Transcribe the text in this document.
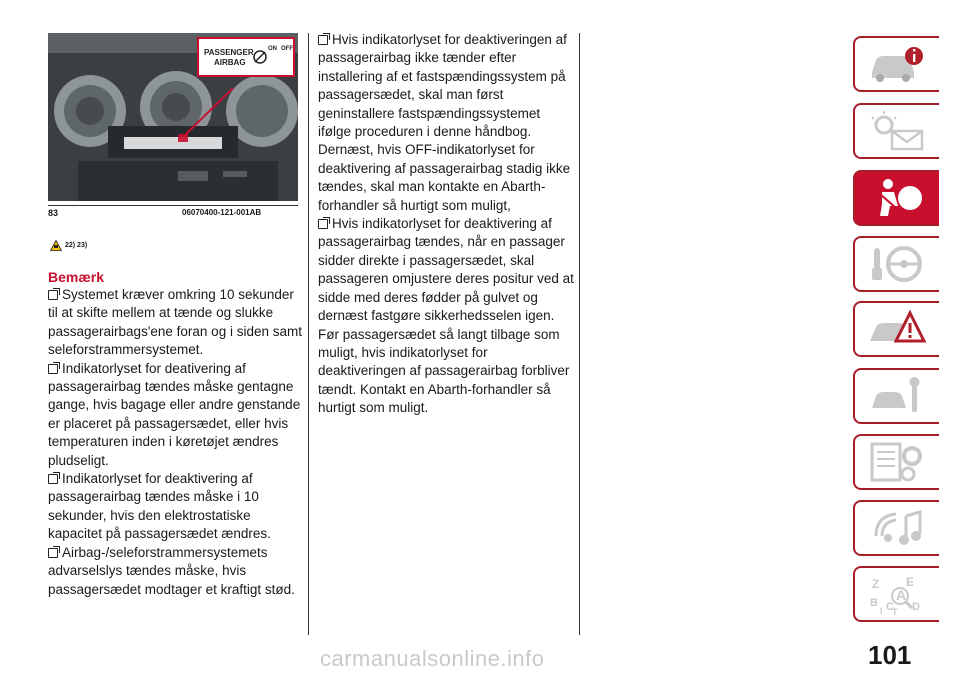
PASSENGER
AIRBAG
ON OFF
83	06070400-121-001AB
22) 23)
Bemærk

Systemet kræver omkring 10 sekunder til at skifte mellem at tænde og slukke passagerairbags'ene foran og i siden samt seleforstrammersystemet.

Indikatorlyset for deativering af passagerairbag tændes måske gentagne gange, hvis bagage eller andre genstande er placeret på passagersædet, eller hvis temperaturen inden i køretøjet ændres pludseligt.

Indikatorlyset for deaktivering af passagerairbag tændes måske i 10 sekunder, hvis den elektrostatiske kapacitet på passagersædet ændres.

Airbag-/seleforstrammersystemets advarselslys tændes måske, hvis passagersædet modtager et kraftigt stød.

Hvis indikatorlyset for deaktiveringen af passagerairbag ikke tænder efter installering af et fastspændingssystem på passagersædet, skal man først geninstallere fastspændingssystemet ifølge proceduren i denne håndbog. Dernæst, hvis OFF-indikatorlyset for deaktivering af passagerairbag stadig ikke tændes, skal man kontakte en Abarth-forhandler så hurtigt som muligt,

Hvis indikatorlyset for deaktivering af passagerairbag tændes, når en passager sidder direkte i passagersædet, skal passageren omjustere deres positur ved at sidde med deres fødder på gulvet og dernæst fastgøre sikkerhedsselen igen. Før passagersædet så langt tilbage som muligt, hvis indikatorlyset for deaktiveringen af passagerairbag forbliver tændt. Kontakt en Abarth-forhandler så hurtigt som muligt.

Z E
A
B C D
T
I
101
carmanualsonline.info
